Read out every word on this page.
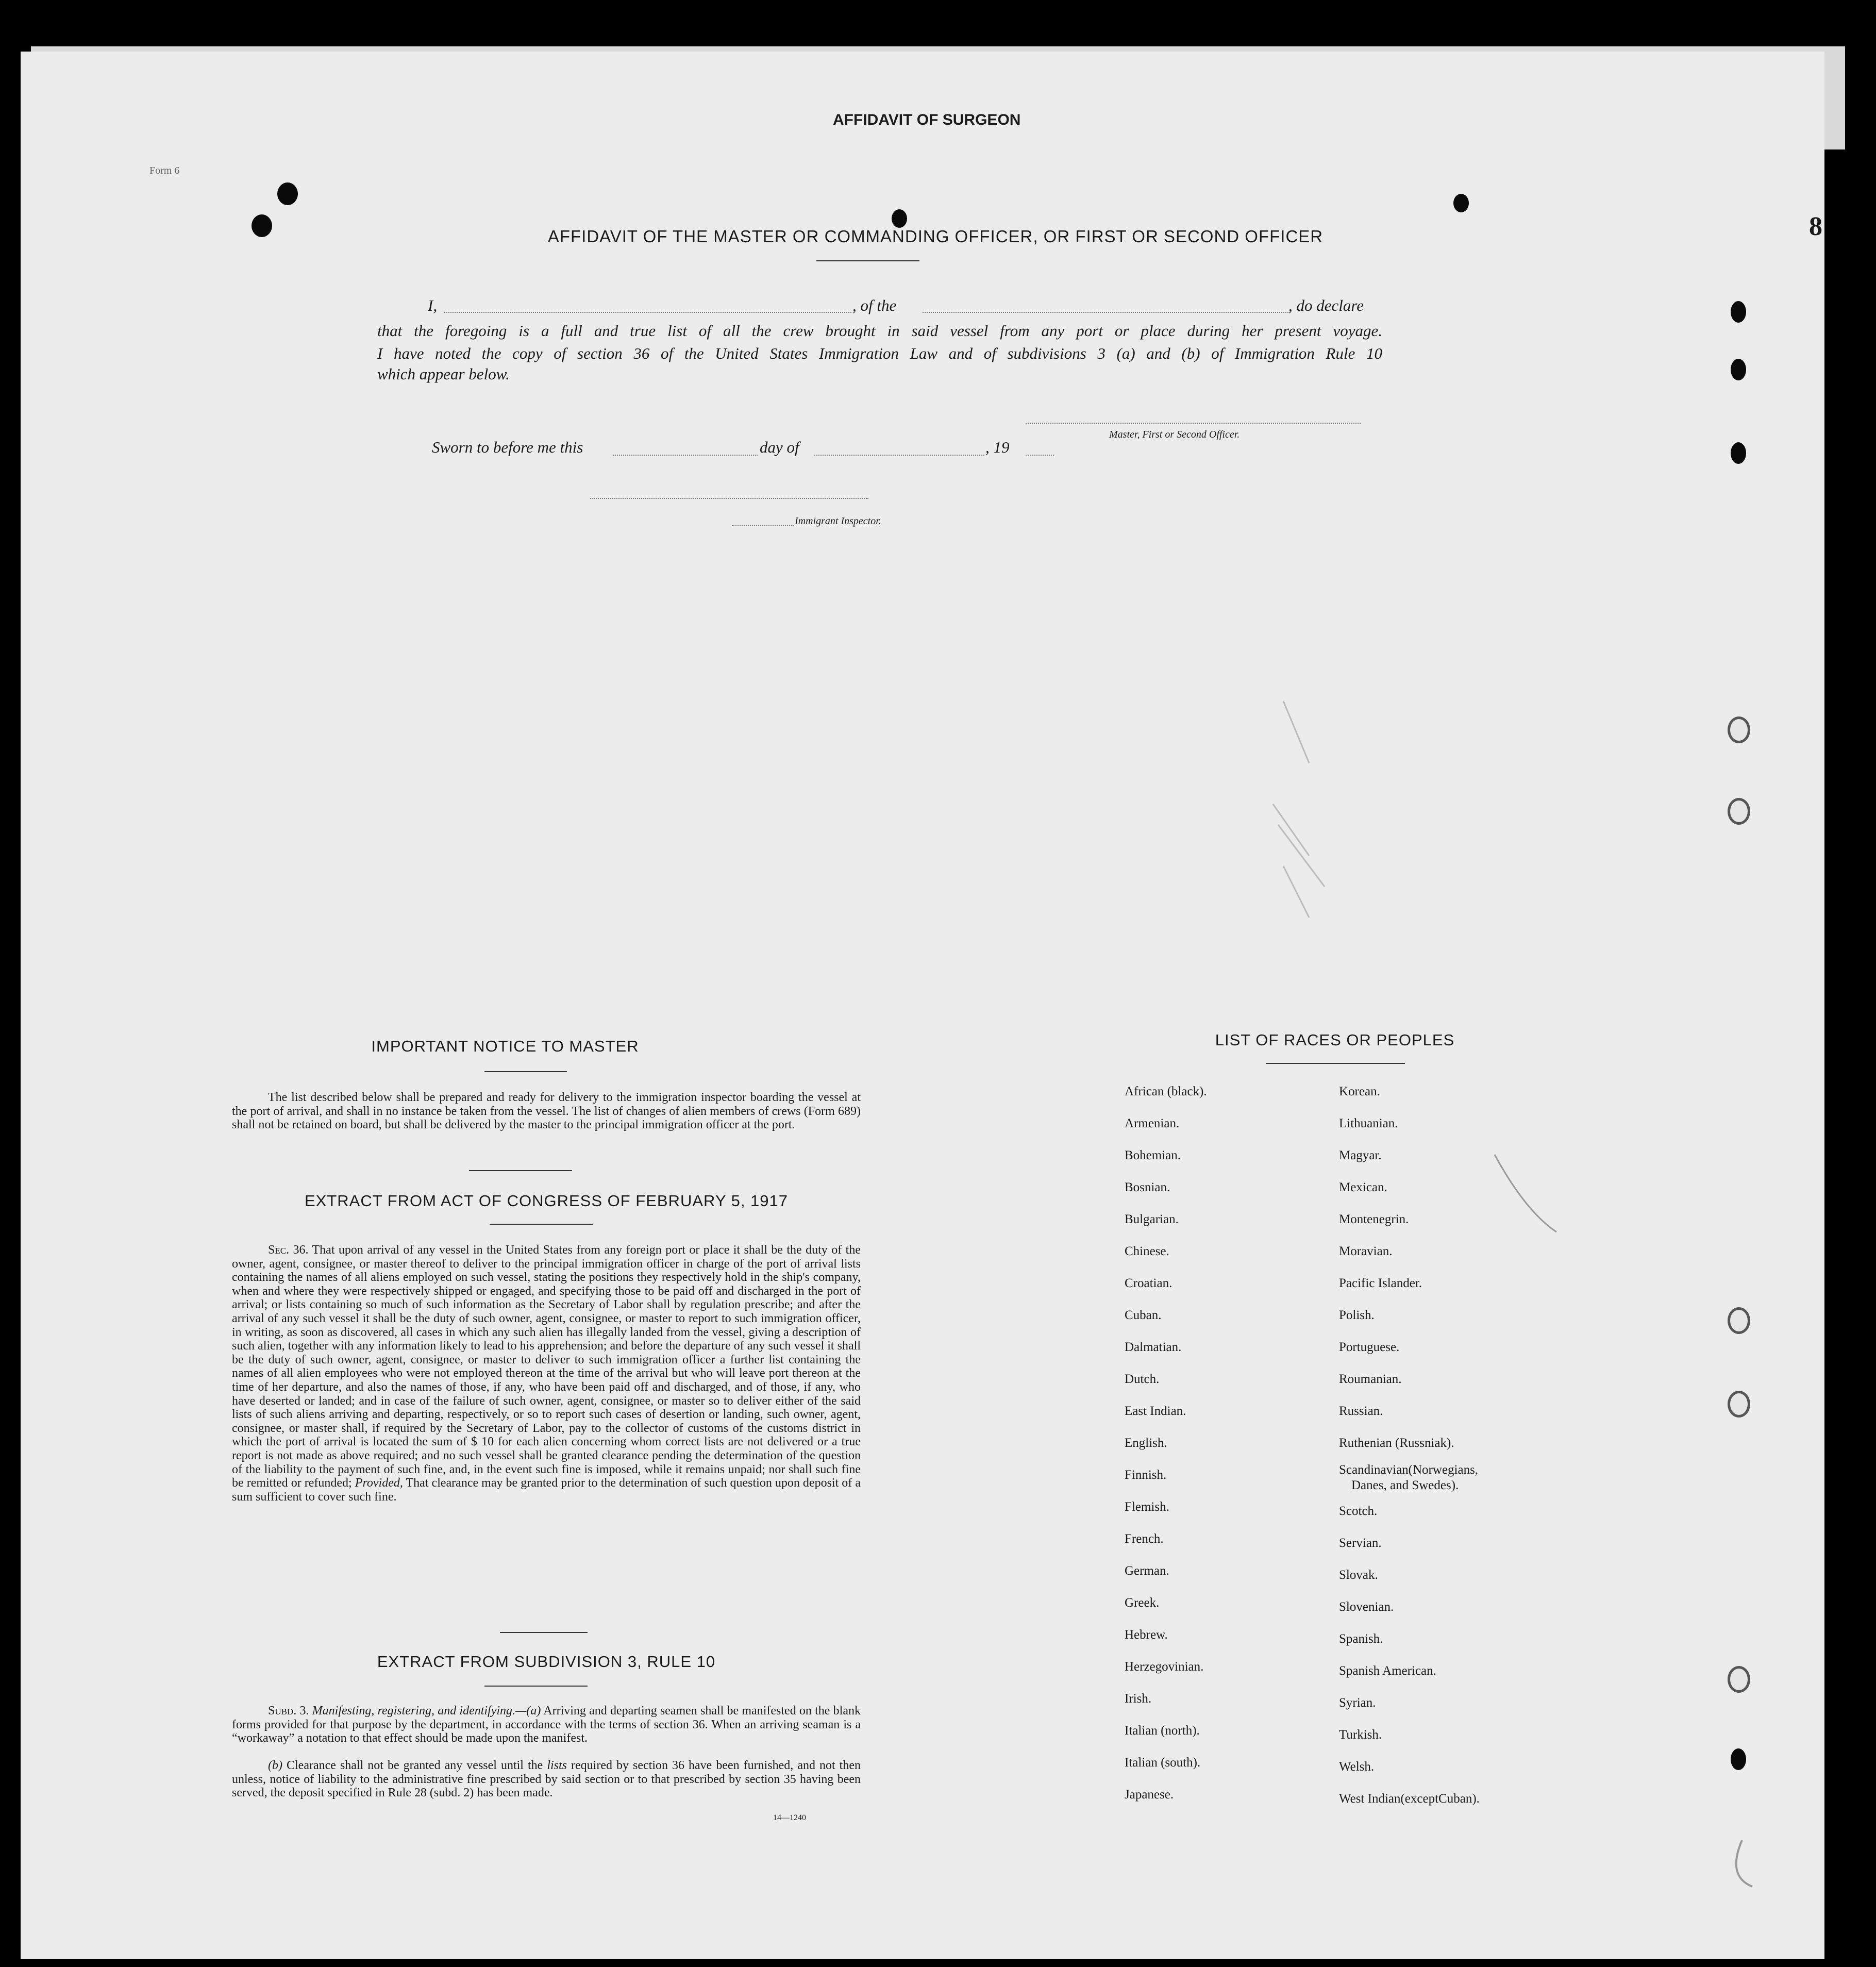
AFFIDAVIT OF SURGEON
Form 6
8
AFFIDAVIT OF THE MASTER OR COMMANDING OFFICER, OR FIRST OR SECOND OFFICER
I,	, of the	, do declare
that the foregoing is a full and true list of all the crew brought in said vessel from any port or place during her present voyage.
I have noted the copy of section 36 of the United States Immigration Law and of subdivisions 3 (a) and (b) of Immigration Rule 10
which appear below.
Master, First or Second Officer.
Sworn to before me this	day of	, 19
Immigrant Inspector.
IMPORTANT NOTICE TO MASTER
The list described below shall be prepared and ready for delivery to the immigration inspector boarding the vessel at the port of arrival, and shall in no instance be taken from the vessel. The list of changes of alien members of crews (Form 689) shall not be retained on board, but shall be delivered by the master to the principal immigration officer at the port.
EXTRACT FROM ACT OF CONGRESS OF FEBRUARY 5, 1917
Sec. 36. That upon arrival of any vessel in the United States from any foreign port or place it shall be the duty of the owner, agent, consignee, or master thereof to deliver to the principal immigration officer in charge of the port of arrival lists containing the names of all aliens employed on such vessel, stating the positions they respectively hold in the ship's company, when and where they were respectively shipped or engaged, and specifying those to be paid off and discharged in the port of arrival; or lists containing so much of such information as the Secretary of Labor shall by regulation prescribe; and after the arrival of any such vessel it shall be the duty of such owner, agent, consignee, or master to report to such immigration officer, in writing, as soon as discovered, all cases in which any such alien has illegally landed from the vessel, giving a description of such alien, together with any information likely to lead to his apprehension; and before the departure of any such vessel it shall be the duty of such owner, agent, consignee, or master to deliver to such immigration officer a further list containing the names of all alien employees who were not employed thereon at the time of the arrival but who will leave port thereon at the time of her departure, and also the names of those, if any, who have been paid off and discharged, and of those, if any, who have deserted or landed; and in case of the failure of such owner, agent, consignee, or master so to deliver either of the said lists of such aliens arriving and departing, respectively, or so to report such cases of desertion or landing, such owner, agent, consignee, or master shall, if required by the Secretary of Labor, pay to the collector of customs of the customs district in which the port of arrival is located the sum of $ 10 for each alien concerning whom correct lists are not delivered or a true report is not made as above required; and no such vessel shall be granted clearance pending the determination of the question of the liability to the payment of such fine, and, in the event such fine is imposed, while it remains unpaid; nor shall such fine be remitted or refunded; Provided, That clearance may be granted prior to the determination of such question upon deposit of a sum sufficient to cover such fine.
EXTRACT FROM SUBDIVISION 3, RULE 10
Subd. 3. Manifesting, registering, and identifying.—(a) Arriving and departing seamen shall be manifested on the blank forms provided for that purpose by the department, in accordance with the terms of section 36. When an arriving seaman is a “workaway” a notation to that effect should be made upon the manifest.
(b) Clearance shall not be granted any vessel until the lists required by section 36 have been furnished, and not then unless, notice of liability to the administrative fine prescribed by said section or to that prescribed by section 35 having been served, the deposit specified in Rule 28 (subd. 2) has been made.
14—1240
LIST OF RACES OR PEOPLES
African (black).
Armenian.
Bohemian.
Bosnian.
Bulgarian.
Chinese.
Croatian.
Cuban.
Dalmatian.
Dutch.
East Indian.
English.
Finnish.
Flemish.
French.
German.
Greek.
Hebrew.
Herzegovinian.
Irish.
Italian (north).
Italian (south).
Japanese.
Korean.
Lithuanian.
Magyar.
Mexican.
Montenegrin.
Moravian.
Pacific Islander.
Polish.
Portuguese.
Roumanian.
Russian.
Ruthenian (Russniak).
Scandinavian(Norwegians,
Danes, and Swedes).
Scotch.
Servian.
Slovak.
Slovenian.
Spanish.
Spanish American.
Syrian.
Turkish.
Welsh.
West Indian(exceptCuban).
